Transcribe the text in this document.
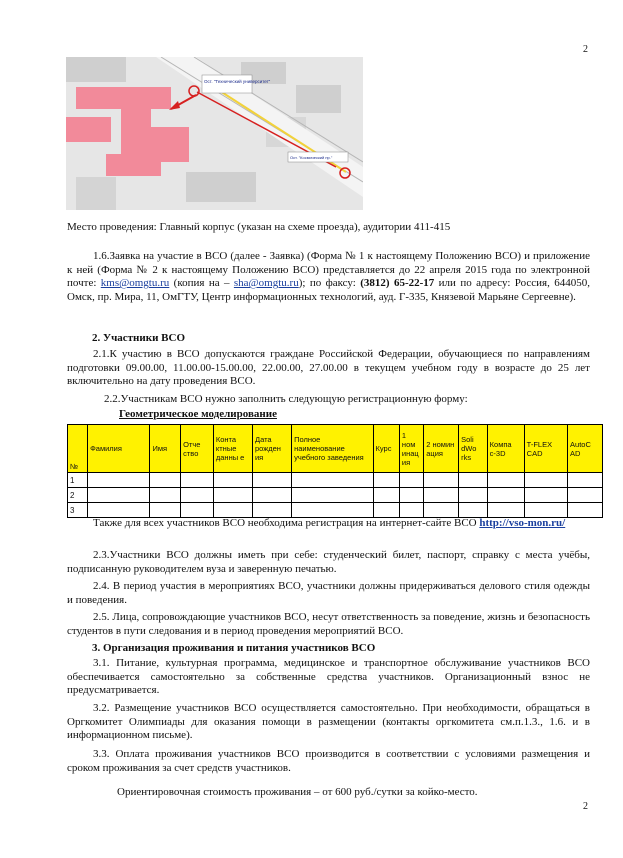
2
Ост. "Технический университет"
Ост. "Космический пр."
Место проведения: Главный корпус (указан на схеме проезда), аудитории 411-415
1.6.Заявка на участие в ВСО (далее - Заявка) (Форма № 1 к настоящему Положению ВСО) и приложение к ней (Форма № 2 к настоящему Положению ВСО) представляется до 22 апреля 2015 года по электронной почте: kms@omgtu.ru (копия на – sha@omgtu.ru); по факсу: (3812) 65-22-17 или по адресу: Россия, 644050, Омск, пр. Мира, 11, ОмГТУ, Центр информационных технологий, ауд. Г-335, Князевой Марьяне Сергеевне).
2. Участники ВСО
2.1.К участию в ВСО допускаются граждане Российской Федерации, обучающиеся по направлениям подготовки 09.00.00, 11.00.00-15.00.00, 22.00.00, 27.00.00 в текущем учебном году в возрасте до 25 лет включительно на дату проведения ВСО.
2.2.Участникам ВСО нужно заполнить следующую регистрационную форму:
Геометрическое моделирование
№	Фамилия	Имя	Отче ство	Конта ктные данны е	Дата рожден ия	Полное наименование учебного заведения	Курс	1 ном инац ия	2 номин ация	Soli dWo rks	Компа с-3D	T-FLEX CAD	AutoC AD
1													
2													
3													
Также для всех участников ВСО необходима регистрация на интернет-сайте ВСО http://vso-mon.ru/
2.3.Участники ВСО должны иметь при себе: студенческий билет, паспорт, справку с места учёбы, подписанную руководителем вуза и заверенную печатью.
2.4. В период участия в мероприятиях ВСО, участники должны придерживаться делового стиля одежды и поведения.
2.5. Лица, сопровождающие участников ВСО, несут ответственность за поведение, жизнь и безопасность студентов в пути следования и в период проведения мероприятий ВСО.
3. Организация проживания и питания участников ВСО
3.1. Питание, культурная программа, медицинское и транспортное обслуживание участников ВСО обеспечивается самостоятельно за собственные средства участников. Организационный взнос не предусматривается.
3.2. Размещение участников ВСО осуществляется самостоятельно. При необходимости, обращаться в Оргкомитет Олимпиады для оказания помощи в размещении (контакты оргкомитета см.п.1.3., 1.6. и в информационном письме).
3.3. Оплата проживания участников ВСО производится в соответствии с условиями размещения и сроком проживания за счет средств участников.
Ориентировочная стоимость проживания – от 600 руб./сутки за койко-место.
2
